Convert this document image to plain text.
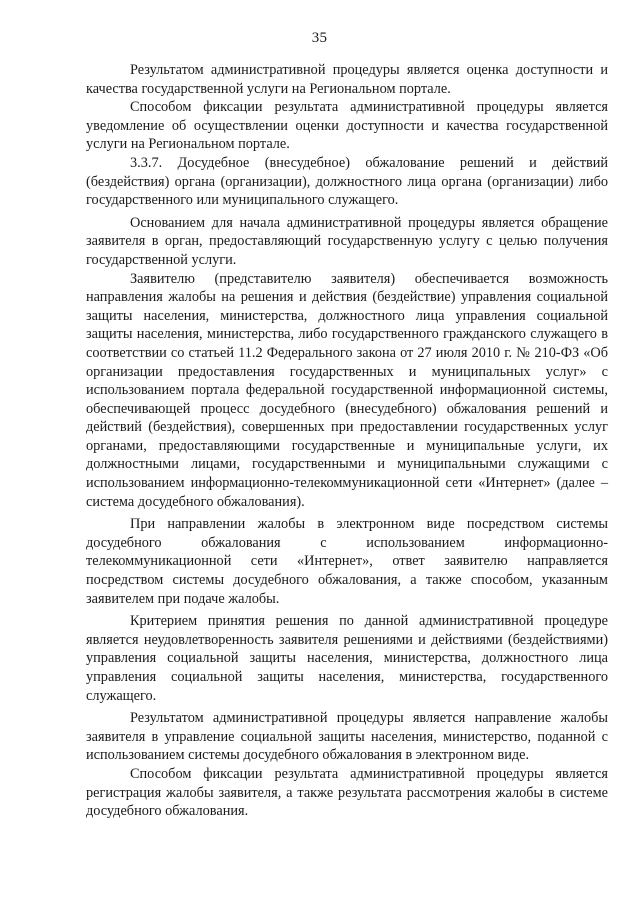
35

Результатом административной процедуры является оценка доступности и качества государственной услуги на Региональном портале.

Способом фиксации результата административной процедуры является уведомление об осуществлении оценки доступности и качества государственной услуги на Региональном портале.

3.3.7. Досудебное (внесудебное) обжалование решений и действий (бездействия) органа (организации), должностного лица органа (организации) либо государственного или муниципального служащего.

Основанием для начала административной процедуры является обращение заявителя в орган, предоставляющий государственную услугу с целью получения государственной услуги.

Заявителю (представителю заявителя) обеспечивается возможность направления жалобы на решения и действия (бездействие) управления социальной защиты населения, министерства, должностного лица управления социальной защиты населения, министерства, либо государственного гражданского служащего в соответствии со статьей 11.2 Федерального закона от 27 июля 2010 г. № 210-ФЗ «Об организации предоставления государственных и муниципальных услуг» с использованием портала федеральной государственной информационной системы, обеспечивающей процесс досудебного (внесудебного) обжалования решений и действий (бездействия), совершенных при предоставлении государственных услуг органами, предоставляющими государственные и муниципальные услуги, их должностными лицами, государственными и муниципальными служащими с использованием информационно-телекоммуникационной сети «Интернет» (далее – система досудебного обжалования).

При направлении жалобы в электронном виде посредством системы досудебного обжалования с использованием информационно-телекоммуникационной сети «Интернет», ответ заявителю направляется посредством системы досудебного обжалования, а также способом, указанным заявителем при подаче жалобы.

Критерием принятия решения по данной административной процедуре является неудовлетворенность заявителя решениями и действиями (бездействиями) управления социальной защиты населения, министерства, должностного лица управления социальной защиты населения, министерства, государственного служащего.

Результатом административной процедуры является направление жалобы заявителя в управление социальной защиты населения, министерство, поданной с использованием системы досудебного обжалования в электронном виде.

Способом фиксации результата административной процедуры является регистрация жалобы заявителя, а также результата рассмотрения жалобы в системе досудебного обжалования.
